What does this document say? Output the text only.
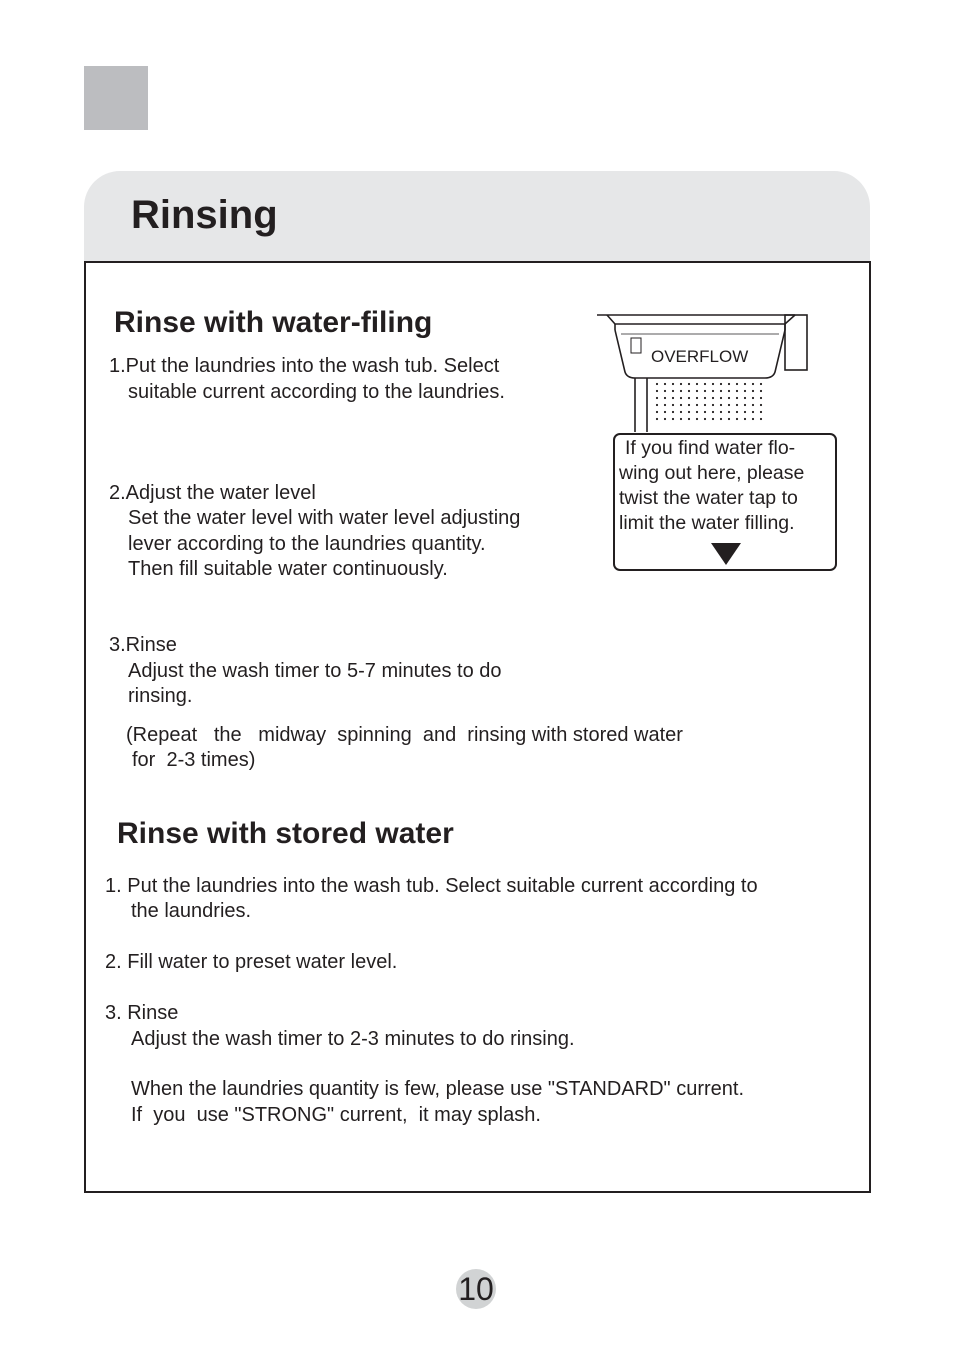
Rinsing
Rinse with water-filing

1.Put the laundries into the wash tub. Select

suitable current according to the laundries.

2.Adjust the water level

Set the water level with water level adjusting

lever according to the laundries quantity.

Then fill suitable water continuously.

3.Rinse

Adjust the wash timer to 5-7 minutes to do

rinsing.

(Repeat   the   midway  spinning  and  rinsing with stored water

for  2-3 times)

OVERFLOW
If you find water flo-
wing out here, please
twist the water tap to
limit the water filling.
Rinse with stored water

1. Put the laundries into the wash tub. Select suitable current according to

the laundries.

2. Fill water to preset water level.

3. Rinse

Adjust the wash timer to 2-3 minutes to do rinsing.

When the laundries quantity is few, please use "STANDARD" current.

If  you  use "STRONG" current,  it may splash.

10
